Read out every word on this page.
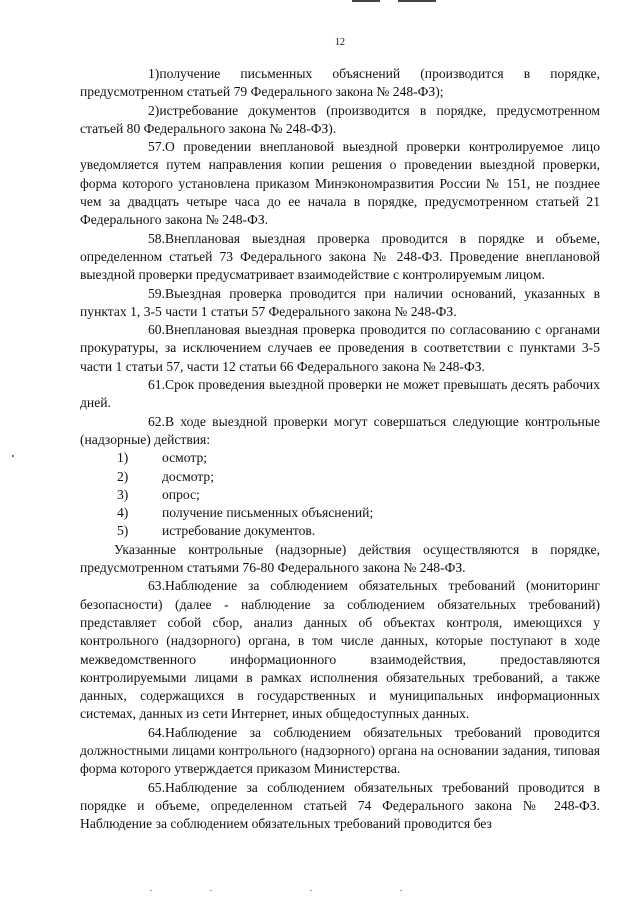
12

1)получение письменных объяснений (производится в порядке, предусмотренном статьей 79 Федерального закона № 248-ФЗ);

2)истребование документов (производится в порядке, предусмотренном статьей 80 Федерального закона № 248-ФЗ).

57.О проведении внеплановой выездной проверки контролируемое лицо уведомляется путем направления копии решения о проведении выездной проверки, форма которого установлена приказом Минэкономразвития России № 151, не позднее чем за двадцать четыре часа до ее начала в порядке, предусмотренном статьей 21 Федерального закона № 248-ФЗ.

58.Внеплановая выездная проверка проводится в порядке и объеме, определенном статьей 73 Федерального закона № 248-ФЗ. Проведение внеплановой выездной проверки предусматривает взаимодействие с контролируемым лицом.

59.Выездная проверка проводится при наличии оснований, указанных в пунктах 1, 3-5 части 1 статьи 57 Федерального закона № 248-ФЗ.

60.Внеплановая выездная проверка проводится по согласованию с органами прокуратуры, за исключением случаев ее проведения в соответствии с пунктами 3-5 части 1 статьи 57, части 12 статьи 66 Федерального закона № 248-ФЗ.

61.Срок проведения выездной проверки не может превышать десять рабочих дней.

62.В ходе выездной проверки могут совершаться следующие контрольные (надзорные) действия:

1) осмотр;

2) досмотр;

3) опрос;

4) получение письменных объяснений;

5) истребование документов.

Указанные контрольные (надзорные) действия осуществляются в порядке, предусмотренном статьями 76-80 Федерального закона № 248-ФЗ.

63.Наблюдение за соблюдением обязательных требований (мониторинг безопасности) (далее - наблюдение за соблюдением обязательных требований) представляет собой сбор, анализ данных об объектах контроля, имеющихся у контрольного (надзорного) органа, в том числе данных, которые поступают в ходе межведомственного информационного взаимодействия, предоставляются контролируемыми лицами в рамках исполнения обязательных требований, а также данных, содержащихся в государственных и муниципальных информационных системах, данных из сети Интернет, иных общедоступных данных.

64.Наблюдение за соблюдением обязательных требований проводится должностными лицами контрольного (надзорного) органа на основании задания, типовая форма которого утверждается приказом Министерства.

65.Наблюдение за соблюдением обязательных требований проводится в порядке и объеме, определенном статьей 74 Федерального закона № 248-ФЗ. Наблюдение за соблюдением обязательных требований проводится без
